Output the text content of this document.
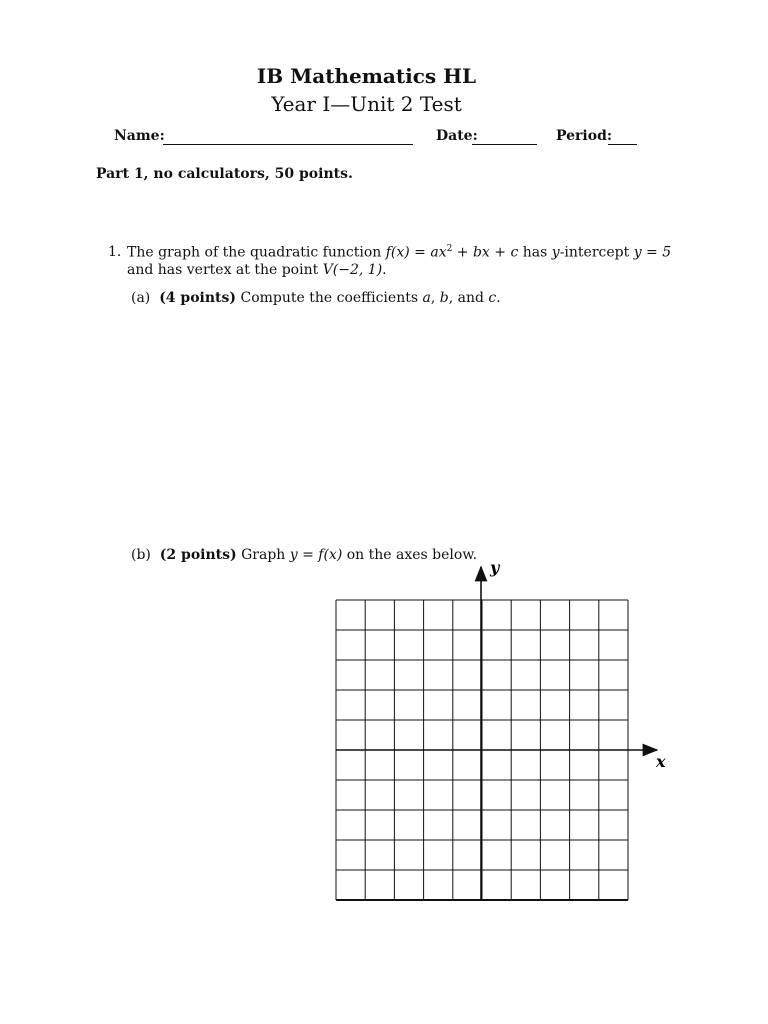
IB Mathematics HL
Year I—Unit 2 Test
Name:	Date:	Period:
Part 1, no calculators, 50 points.
1. The graph of the quadratic function $f(x) = ax^2$ + bx + c has y-intercept y = 5
and has vertex at the point V(−2, 1).
(a) (4 points) Compute the coefficients a, b, and c.
(b) (2 points) Graph y = f(x) on the axes below.
y
x
